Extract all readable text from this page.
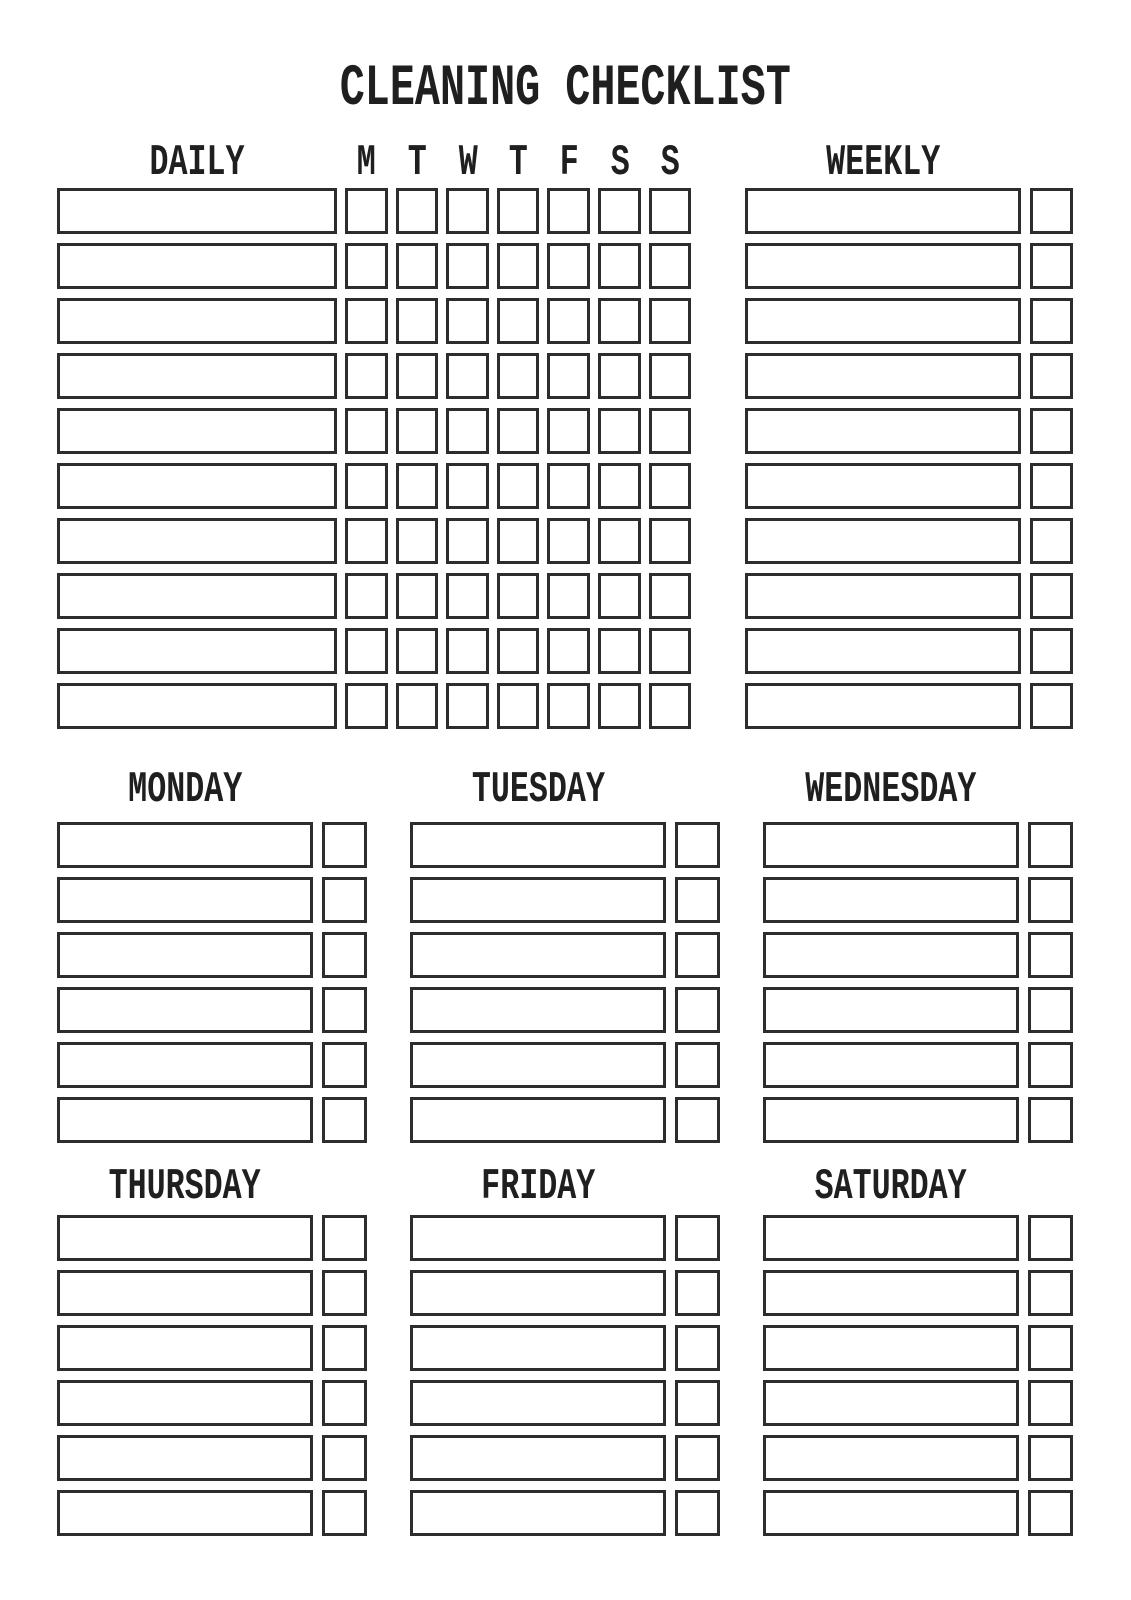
CLEANING CHECKLIST
DAILY	M T W T F S S	WEEKLY
MONDAY	TUESDAY	WEDNESDAY
THURSDAY	FRIDAY	SATURDAY
